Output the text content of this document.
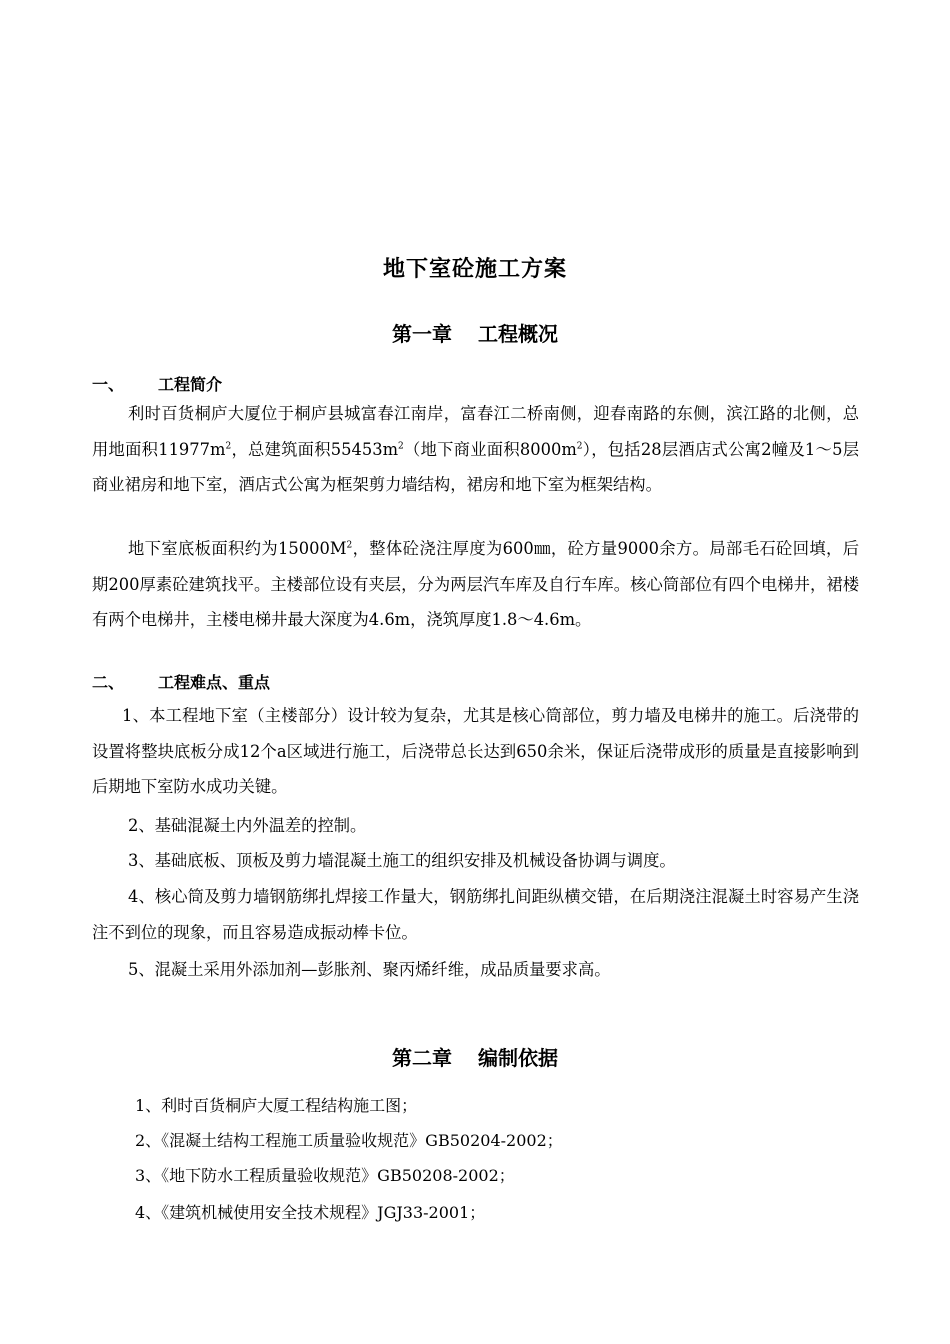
地下室砼施工方案
第一章 工程概况
一、 工程简介

利时百货桐庐大厦位于桐庐县城富春江南岸，富春江二桥南侧，迎春南路的东侧，滨江路的北侧，总用地面积$11977m^2$，总建筑面积$55453m^2$（地下商业面积$8000m^2$），包括28层酒店式公寓2幢及1～5层商业裙房和地下室，酒店式公寓为框架剪力墙结构，裙房和地下室为框架结构。

地下室底板面积约为$15000M^2$，整体砼浇注厚度为600㎜，砼方量9000余方。局部毛石砼回填，后期200厚素砼建筑找平。主楼部位设有夹层，分为两层汽车库及自行车库。核心筒部位有四个电梯井，裙楼有两个电梯井，主楼电梯井最大深度为4.6m，浇筑厚度1.8～4.6m。

二、 工程难点、重点

1、本工程地下室（主楼部分）设计较为复杂，尤其是核心筒部位，剪力墙及电梯井的施工。后浇带的设置将整块底板分成12个a区域进行施工，后浇带总长达到650余米，保证后浇带成形的质量是直接影响到后期地下室防水成功关键。

2、基础混凝土内外温差的控制。

3、基础底板、顶板及剪力墙混凝土施工的组织安排及机械设备协调与调度。

4、核心筒及剪力墙钢筋绑扎焊接工作量大，钢筋绑扎间距纵横交错，在后期浇注混凝土时容易产生浇注不到位的现象，而且容易造成振动棒卡位。

5、混凝土采用外添加剂—彭胀剂、聚丙烯纤维，成品质量要求高。

第二章 编制依据
1、利时百货桐庐大厦工程结构施工图；
2、《混凝土结构工程施工质量验收规范》GB50204-2002；
3、《地下防水工程质量验收规范》GB50208-2002；
4、《建筑机械使用安全技术规程》JGJ33-2001；
